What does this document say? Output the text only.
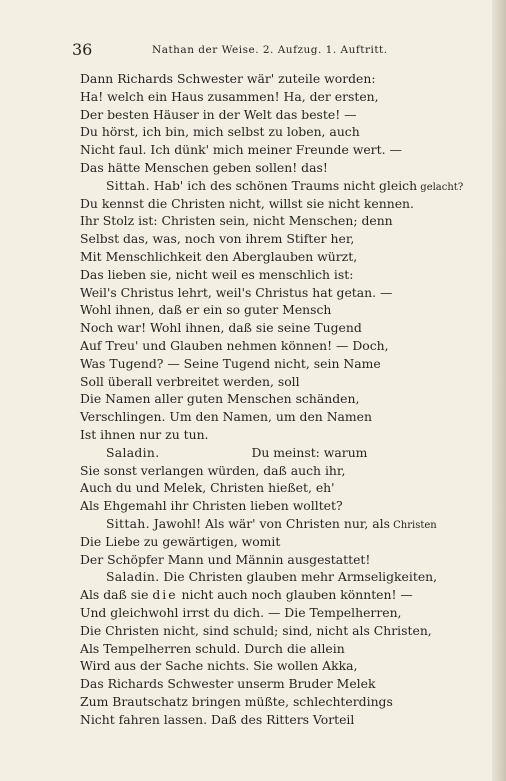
36	Nathan der Weise. 2. Aufzug. 1. Auftritt.
Dann Richards Schwester wär' zuteile worden:
Ha! welch ein Haus zusammen! Ha, der ersten,
Der besten Häuser in der Welt das beste! —
Du hörst, ich bin, mich selbst zu loben, auch
Nicht faul. Ich dünk' mich meiner Freunde wert. —
Das hätte Menschen geben sollen! das!
Sittah. Hab' ich des schönen Traums nicht gleich gelacht?
Du kennst die Christen nicht, willst sie nicht kennen.
Ihr Stolz ist: Christen sein, nicht Menschen; denn
Selbst das, was, noch von ihrem Stifter her,
Mit Menschlichkeit den Aberglauben würzt,
Das lieben sie, nicht weil es menschlich ist:
Weil's Christus lehrt, weil's Christus hat getan. —
Wohl ihnen, daß er ein so guter Mensch
Noch war! Wohl ihnen, daß sie seine Tugend
Auf Treu' und Glauben nehmen können! — Doch,
Was Tugend? — Seine Tugend nicht, sein Name
Soll überall verbreitet werden, soll
Die Namen aller guten Menschen schänden,
Verschlingen. Um den Namen, um den Namen
Ist ihnen nur zu tun.
Saladin.	Du meinst: warum
Sie sonst verlangen würden, daß auch ihr,
Auch du und Melek, Christen hießet, eh'
Als Ehgemahl ihr Christen lieben wolltet?
Sittah. Jawohl! Als wär' von Christen nur, als Christen
Die Liebe zu gewärtigen, womit
Der Schöpfer Mann und Männin ausgestattet!
Saladin. Die Christen glauben mehr Armseligkeiten,
Als daß sie die nicht auch noch glauben könnten! —
Und gleichwohl irrst du dich. — Die Tempelherren,
Die Christen nicht, sind schuld; sind, nicht als Christen,
Als Tempelherren schuld. Durch die allein
Wird aus der Sache nichts. Sie wollen Akka,
Das Richards Schwester unserm Bruder Melek
Zum Brautschatz bringen müßte, schlechterdings
Nicht fahren lassen. Daß des Ritters Vorteil
